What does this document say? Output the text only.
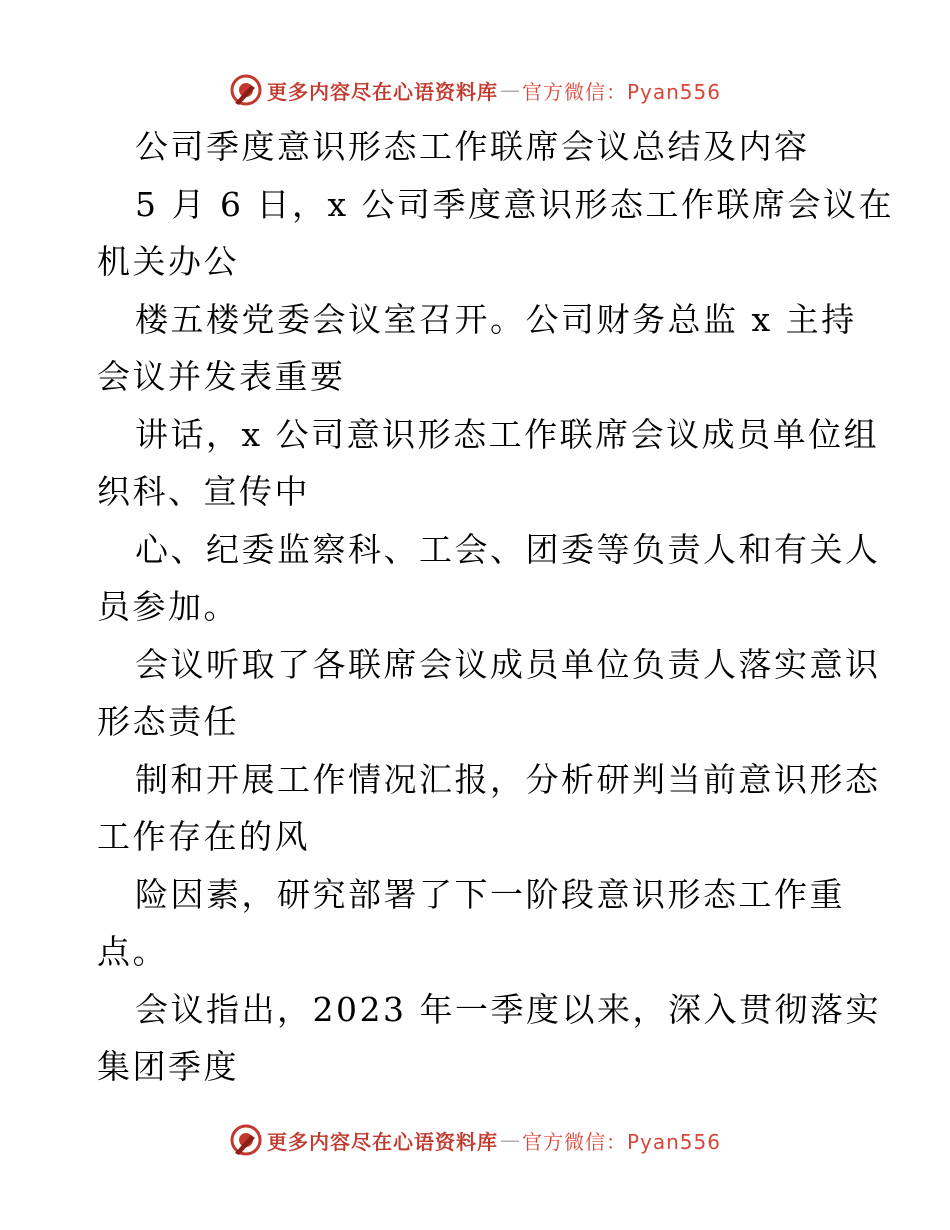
更多内容尽在心语资料库 — 官方微信：Pyan556
公司季度意识形态工作联席会议总结及内容
5 月 6 日，x 公司季度意识形态工作联席会议在
机关办公
楼五楼党委会议室召开。公司财务总监 x 主持
会议并发表重要
讲话，x 公司意识形态工作联席会议成员单位组
织科、宣传中
心、纪委监察科、工会、团委等负责人和有关人
员参加。
会议听取了各联席会议成员单位负责人落实意识
形态责任
制和开展工作情况汇报，分析研判当前意识形态
工作存在的风
险因素，研究部署了下一阶段意识形态工作重
点。
会议指出，2023 年一季度以来，深入贯彻落实
集团季度
更多内容尽在心语资料库 — 官方微信：Pyan556
